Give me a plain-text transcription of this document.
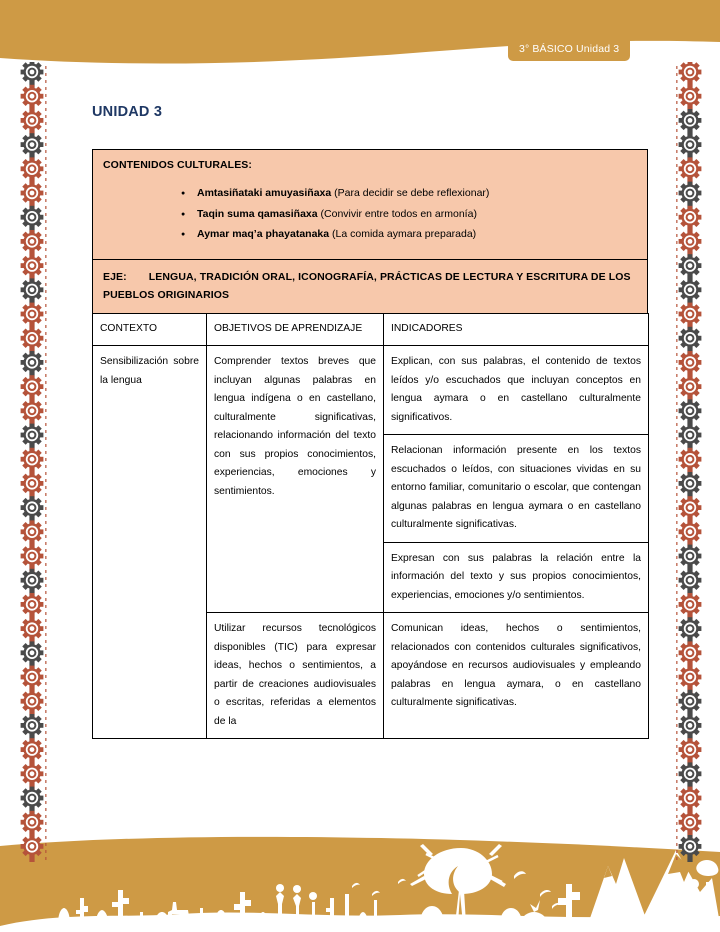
3° BÁSICO Unidad 3
UNIDAD 3
CONTENIDOS CULTURALES:
● Amtasiñataki amuyasiñaxa (Para decidir se debe reflexionar)
● Taqin suma qamasiñaxa (Convivir entre todos en armonía)
● Aymar maq’a phayatanaka (La comida aymara preparada)
EJE: LENGUA, TRADICIÓN ORAL, ICONOGRAFÍA, PRÁCTICAS DE LECTURA Y ESCRITURA DE LOS PUEBLOS ORIGINARIOS
CONTEXTO	OBJETIVOS DE APRENDIZAJE	INDICADORES
Sensibilización sobre la lengua	Comprender textos breves que incluyan algunas palabras en lengua indígena o en castellano, culturalmente significativas, relacionando información del texto con sus propios conocimientos, experiencias, emociones y sentimientos.	Explican, con sus palabras, el contenido de textos leídos y/o escuchados que incluyan conceptos en lengua aymara o en castellano culturalmente significativos.
		Relacionan información presente en los textos escuchados o leídos, con situaciones vividas en su entorno familiar, comunitario o escolar, que contengan algunas palabras en lengua aymara o en castellano culturalmente significativas.
		Expresan con sus palabras la relación entre la información del texto y sus propios conocimientos, experiencias, emociones y/o sentimientos.
	Utilizar recursos tecnológicos disponibles (TIC) para expresar ideas, hechos o sentimientos, a partir de creaciones audiovisuales o escritas, referidas a elementos de la	Comunican ideas, hechos o sentimientos, relacionados con contenidos culturales significativos, apoyándose en recursos audiovisuales y empleando palabras en lengua aymara, o en castellano culturalmente significativas.
